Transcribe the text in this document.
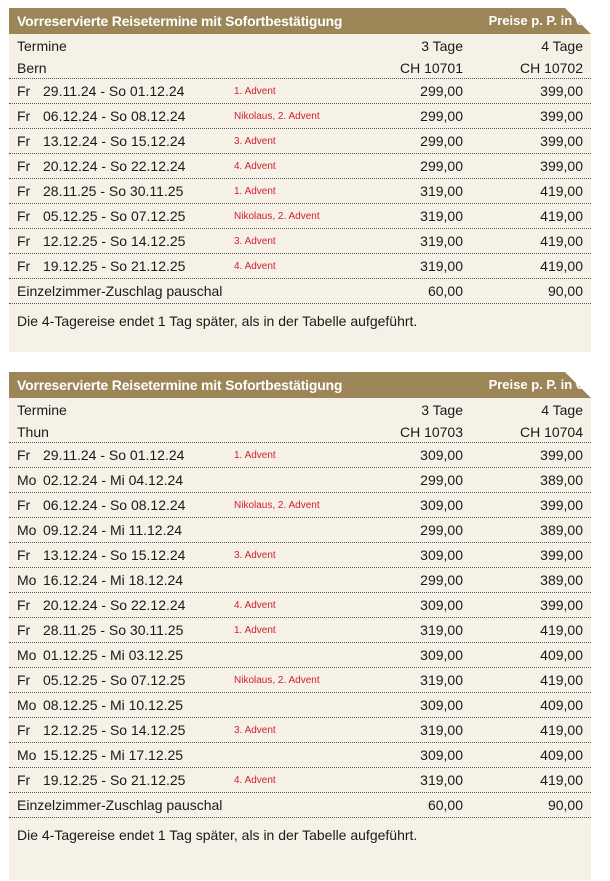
Vorreservierte Reisetermine mit Sofortbestätigung	Preise p. P. in €
Termine	3 Tage	4 Tage
Bern	CH 10701	CH 10702
Fr 29.11.24 - So 01.12.24	1. Advent	299,00	399,00
Fr 06.12.24 - So 08.12.24	Nikolaus, 2. Advent	299,00	399,00
Fr 13.12.24 - So 15.12.24	3. Advent	299,00	399,00
Fr 20.12.24 - So 22.12.24	4. Advent	299,00	399,00
Fr 28.11.25 - So 30.11.25	1. Advent	319,00	419,00
Fr 05.12.25 - So 07.12.25	Nikolaus, 2. Advent	319,00	419,00
Fr 12.12.25 - So 14.12.25	3. Advent	319,00	419,00
Fr 19.12.25 - So 21.12.25	4. Advent	319,00	419,00
Einzelzimmer-Zuschlag pauschal	60,00	90,00
Die 4-Tagereise endet 1 Tag später, als in der Tabelle aufgeführt.
Vorreservierte Reisetermine mit Sofortbestätigung	Preise p. P. in €
Termine	3 Tage	4 Tage
Thun	CH 10703	CH 10704
Fr 29.11.24 - So 01.12.24	1. Advent	309,00	399,00
Mo 02.12.24 - Mi 04.12.24	299,00	389,00
Fr 06.12.24 - So 08.12.24	Nikolaus, 2. Advent	309,00	399,00
Mo 09.12.24 - Mi 11.12.24	299,00	389,00
Fr 13.12.24 - So 15.12.24	3. Advent	309,00	399,00
Mo 16.12.24 - Mi 18.12.24	299,00	389,00
Fr 20.12.24 - So 22.12.24	4. Advent	309,00	399,00
Fr 28.11.25 - So 30.11.25	1. Advent	319,00	419,00
Mo 01.12.25 - Mi 03.12.25	309,00	409,00
Fr 05.12.25 - So 07.12.25	Nikolaus, 2. Advent	319,00	419,00
Mo 08.12.25 - Mi 10.12.25	309,00	409,00
Fr 12.12.25 - So 14.12.25	3. Advent	319,00	419,00
Mo 15.12.25 - Mi 17.12.25	309,00	409,00
Fr 19.12.25 - So 21.12.25	4. Advent	319,00	419,00
Einzelzimmer-Zuschlag pauschal	60,00	90,00
Die 4-Tagereise endet 1 Tag später, als in der Tabelle aufgeführt.
